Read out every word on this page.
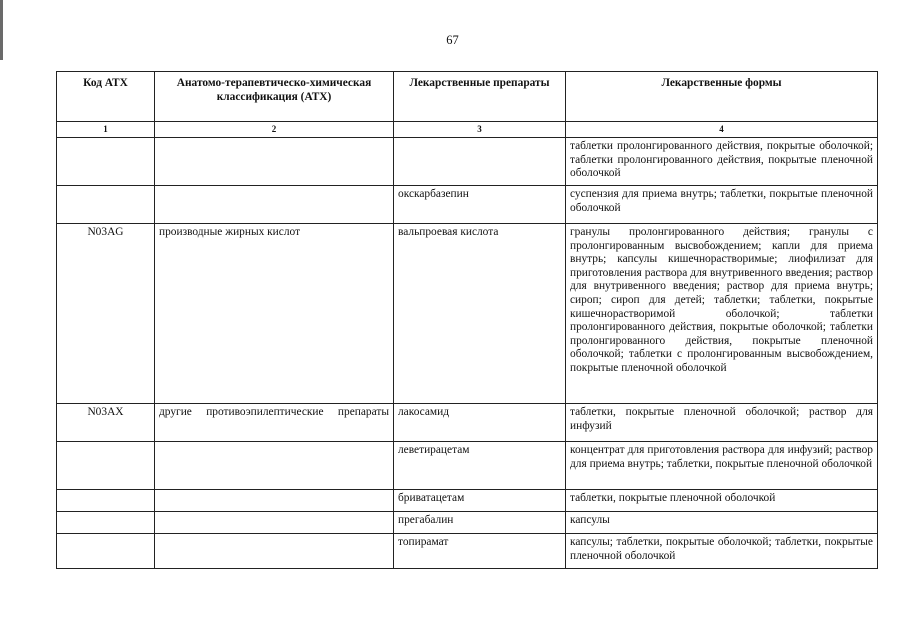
67
Код АТХ	Анатомо-терапевтическо-химическая классификация (АТХ)	Лекарственные препараты	Лекарственные формы
1	2	3	4
			таблетки пролонгированного действия, покрытые оболочкой; таблетки пролонгированного действия, покрытые пленочной оболочкой
		окскарбазепин	суспензия для приема внутрь; таблетки, покрытые пленочной оболочкой
N03AG	производные жирных кислот	вальпроевая кислота	гранулы пролонгированного действия; гранулы с пролонгированным высвобождением; капли для приема внутрь; капсулы кишечнорастворимые; лиофилизат для приготовления раствора для внутривенного введения; раствор для внутривенного введения; раствор для приема внутрь; сироп; сироп для детей; таблетки; таблетки, покрытые кишечнорастворимой оболочкой; таблетки пролонгированного действия, покрытые оболочкой; таблетки пролонгированного действия, покрытые пленочной оболочкой; таблетки с пролонгированным высвобождением, покрытые пленочной оболочкой
N03AX	другие противоэпилептические препараты	лакосамид	таблетки, покрытые пленочной оболочкой; раствор для инфузий
		леветирацетам	концентрат для приготовления раствора для инфузий; раствор для приема внутрь; таблетки, покрытые пленочной оболочкой
		бриватацетам	таблетки, покрытые пленочной оболочкой
		прегабалин	капсулы
		топирамат	капсулы; таблетки, покрытые оболочкой; таблетки, покрытые пленочной оболочкой
